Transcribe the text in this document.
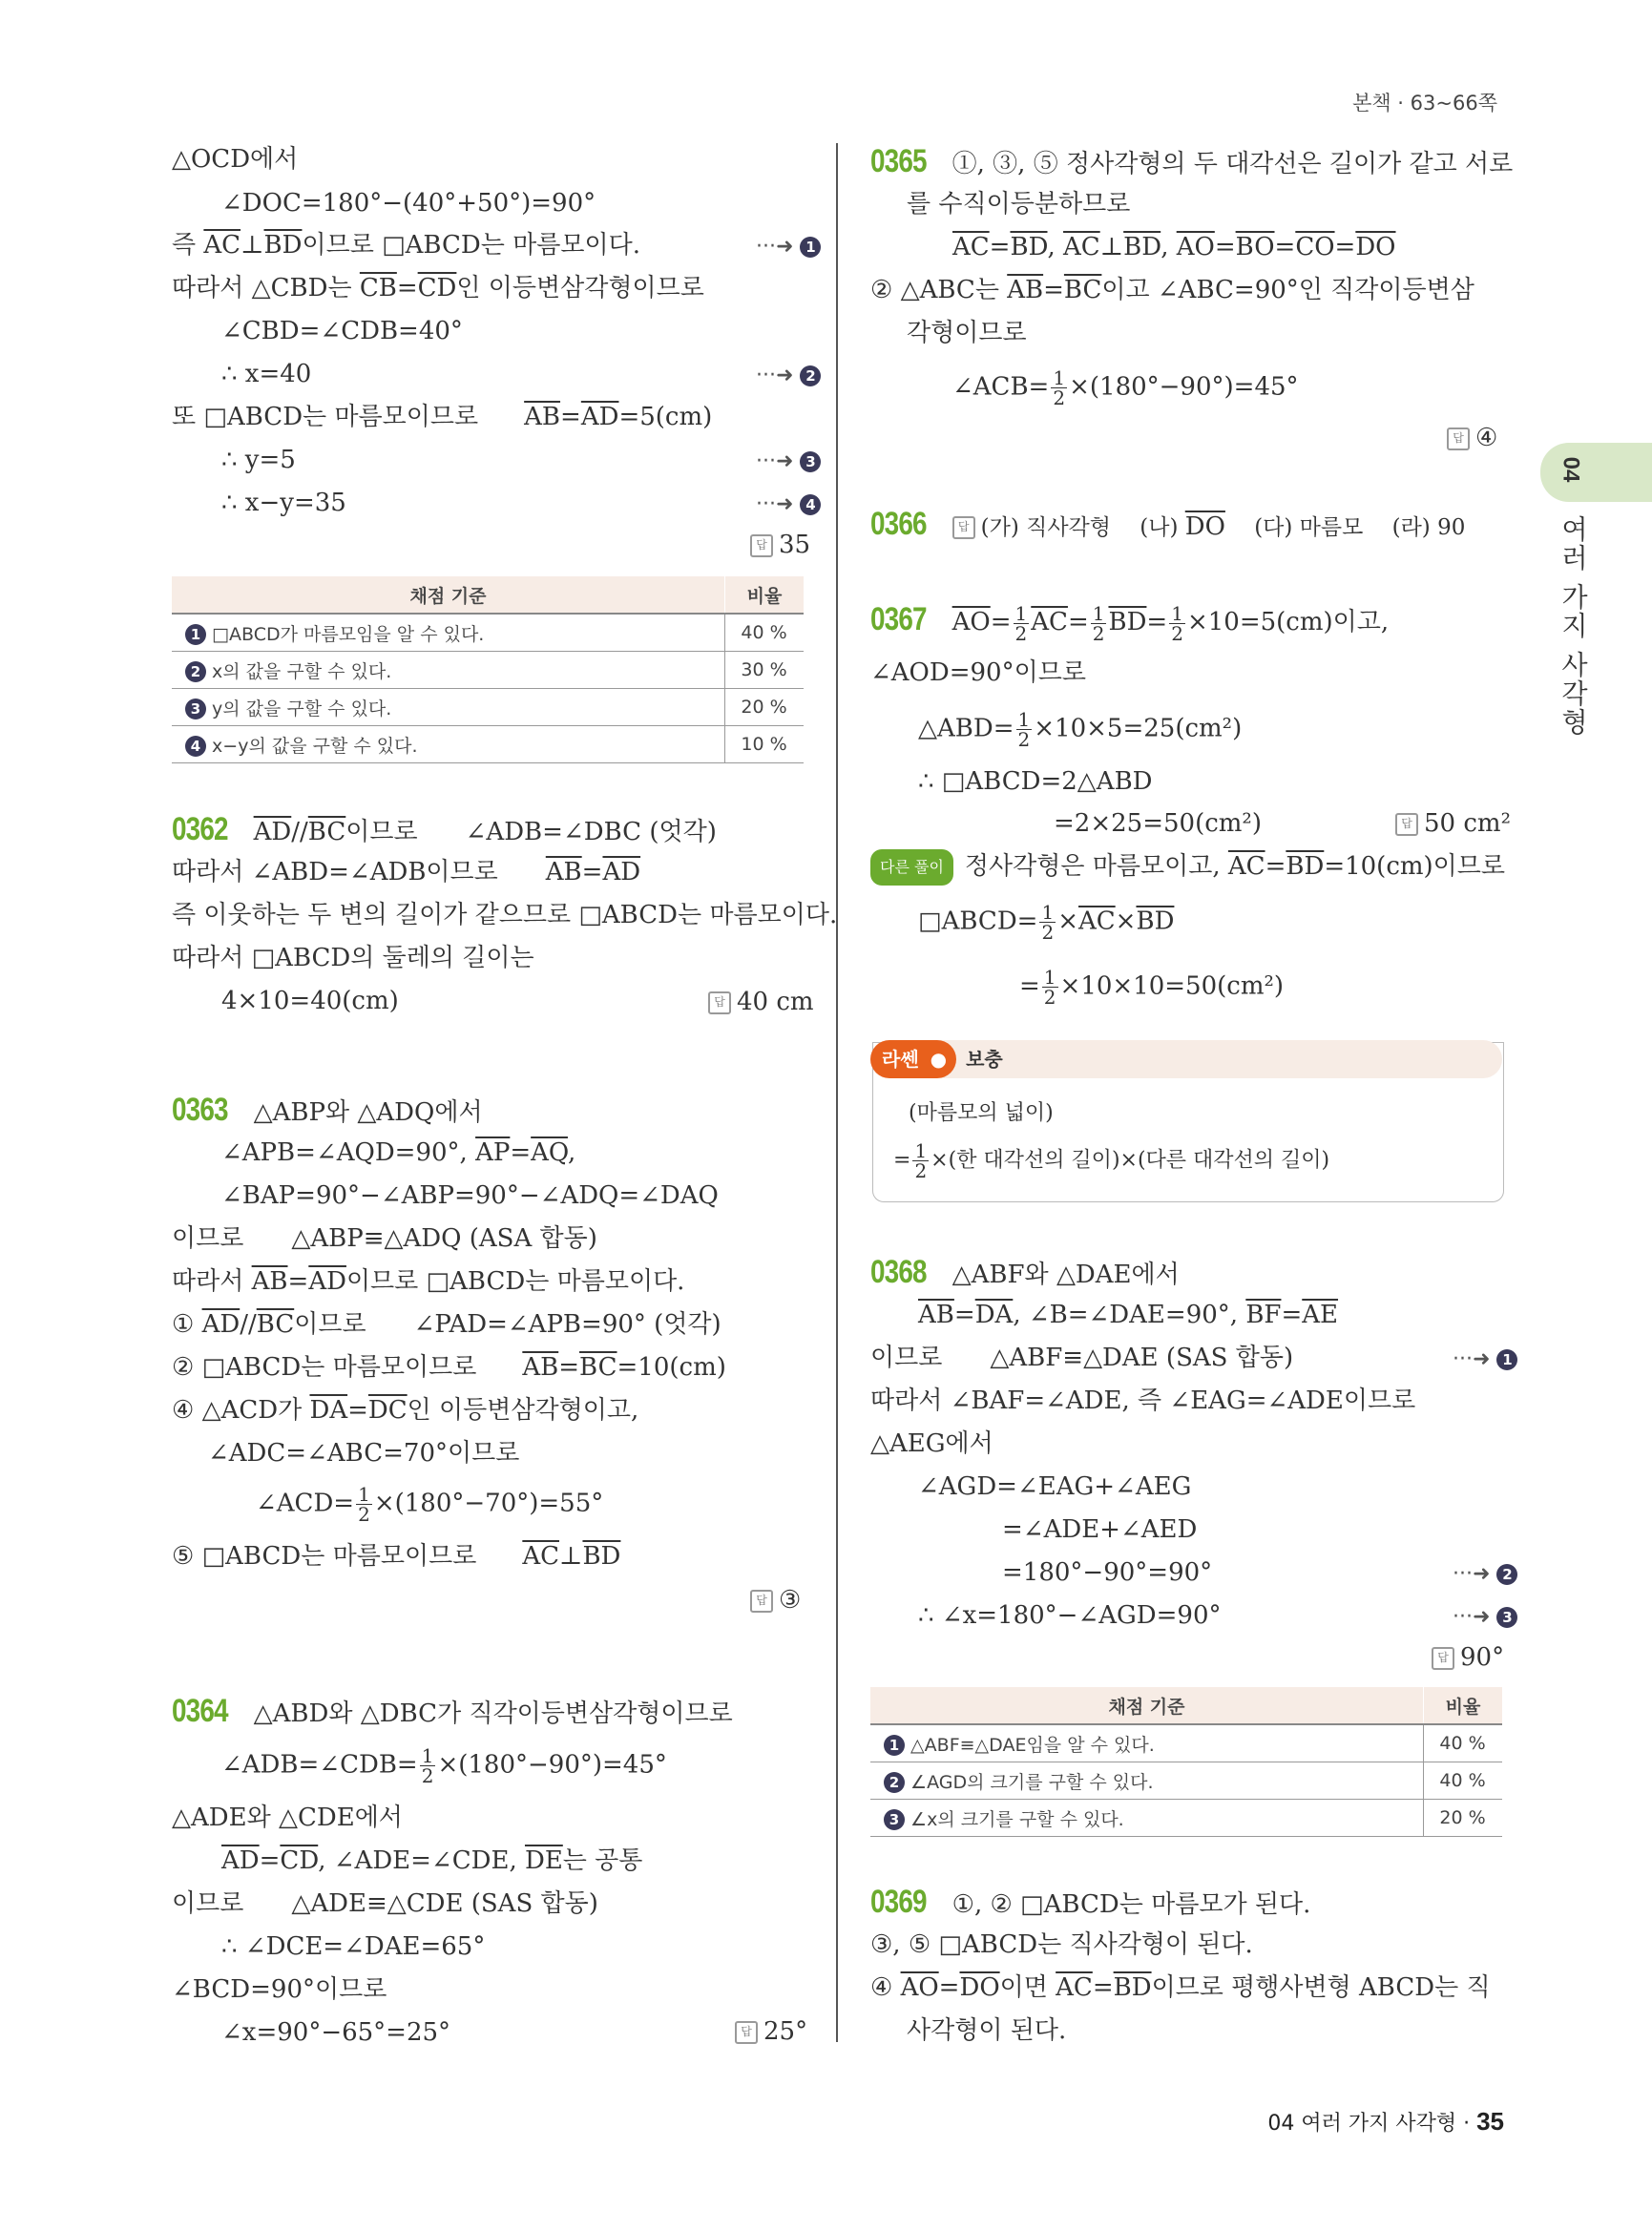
본책 · 63~66쪽
04
여러 가지 사각형
△OCD에서
∠DOC=180°−(40°+50°)=90°
즉 $\overline{AC}\perp\overline{BD}$이므로 □ABCD는 마름모이다.	···➜ 1
따라서 △CBD는 $\overline{CB}=\overline{CD}$인 이등변삼각형이므로
∠CBD=∠CDB=40°
∴ x=40	···➜ 2
또 □ABCD는 마름모이므로 $\overline{AB}=\overline{AD}=5(cm)$
∴ y=5	···➜ 3
∴ x−y=35	···➜ 4
답 35
채점 기준	비율
1 □ABCD가 마름모임을 알 수 있다.	40 %
2 x의 값을 구할 수 있다.	30 %
3 y의 값을 구할 수 있다.	20 %
4 x−y의 값을 구할 수 있다.	10 %
0362 $\overline{AD}//\overline{BC}$이므로 ∠ADB=∠DBC (엇각)
따라서 ∠ABD=∠ADB이므로 $\overline{AB}=\overline{AD}$
즉 이웃하는 두 변의 길이가 같으므로 □ABCD는 마름모이다.
따라서 □ABCD의 둘레의 길이는
4×10=40(cm)	답 40 cm
0363 △ABP와 △ADQ에서
∠APB=∠AQD=90°, $\overline{AP}=\overline{AQ}$,
∠BAP=90°−∠ABP=90°−∠ADQ=∠DAQ
이므로 △ABP≡△ADQ (ASA 합동)
따라서 $\overline{AB}=\overline{AD}$이므로 □ABCD는 마름모이다.
① $\overline{AD}//\overline{BC}$이므로 ∠PAD=∠APB=90° (엇각)
② □ABCD는 마름모이므로 $\overline{AB}=\overline{BC}=10(cm)$
④ △ACD가 $\overline{DA}=\overline{DC}$인 이등변삼각형이고,
∠ADC=∠ABC=70°이므로
∠ACD= $\frac{1}{2} \times(180^\circ-70^\circ)=55^\circ$
⑤ □ABCD는 마름모이므로 $\overline{AC}\perp\overline{BD}$
답 ③
0364 △ABD와 △DBC가 직각이등변삼각형이므로
∠ADB=∠CDB= $\frac{1}{2} \times(180^\circ-90^\circ)=45^\circ$
△ADE와 △CDE에서
$\overline{AD}=\overline{CD}$, ∠ADE=∠CDE, $\overline{DE}$는 공통
이므로 △ADE≡△CDE (SAS 합동)
∴ ∠DCE=∠DAE=65°
∠BCD=90°이므로
∠x=90°−65°=25°	답 25°
0365 ①, ③, ⑤ 정사각형의 두 대각선은 길이가 같고 서로
를 수직이등분하므로
$\overline{AC}=\overline{BD}$, $\overline{AC}\perp\overline{BD}$, $\overline{AO}=\overline{BO}=\overline{CO}=\overline{DO}$
② △ABC는 $\overline{AB}=\overline{BC}$이고 ∠ABC=90°인 직각이등변삼
각형이므로
∠ACB= $\frac{1}{2} \times(180^\circ-90^\circ)=45^\circ$
답 ④
0366	답 (가) 직사각형 (나) $\overline{DO}$ (다) 마름모 (라) 90
0367 $\overline{AO}= \frac{1}{2} \overline{AC}= \frac{1}{2} \overline{BD}= \frac{1}{2} \times 10=5(cm)$이고,
∠AOD=90°이므로
△ABD= $\frac{1}{2} \times 10\times 5=25(cm^2)$
∴ □ABCD=2△ABD
=2×25=50(cm²)	답 50 cm²
다른 풀이 정사각형은 마름모이고, $\overline{AC}=\overline{BD}=10(cm)$이므로
□ABCD= $\frac{1}{2} \times\overline{AC}\times\overline{BD}$
= $\frac{1}{2} \times 10\times 10=50(cm^2)$
라쎈 ● 보충
(마름모의 넓이)
= $\frac{1}{2}$ ×(한 대각선의 길이)×(다른 대각선의 길이)
0368 △ABF와 △DAE에서
$\overline{AB}=\overline{DA}$, ∠B=∠DAE=90°, $\overline{BF}=\overline{AE}$
이므로 △ABF≡△DAE (SAS 합동)	···➜ 1
따라서 ∠BAF=∠ADE, 즉 ∠EAG=∠ADE이므로
△AEG에서
∠AGD=∠EAG+∠AEG
=∠ADE+∠AED
=180°−90°=90°	···➜ 2
∴ ∠x=180°−∠AGD=90°	···➜ 3
답 90°
채점 기준	비율
1 △ABF≡△DAE임을 알 수 있다.	40 %
2 ∠AGD의 크기를 구할 수 있다.	40 %
3 ∠x의 크기를 구할 수 있다.	20 %
0369 ①, ② □ABCD는 마름모가 된다.
③, ⑤ □ABCD는 직사각형이 된다.
④ $\overline{AO}=\overline{DO}$이면 $\overline{AC}=\overline{BD}$이므로 평행사변형 ABCD는 직
사각형이 된다.
04 여러 가지 사각형 · 35
